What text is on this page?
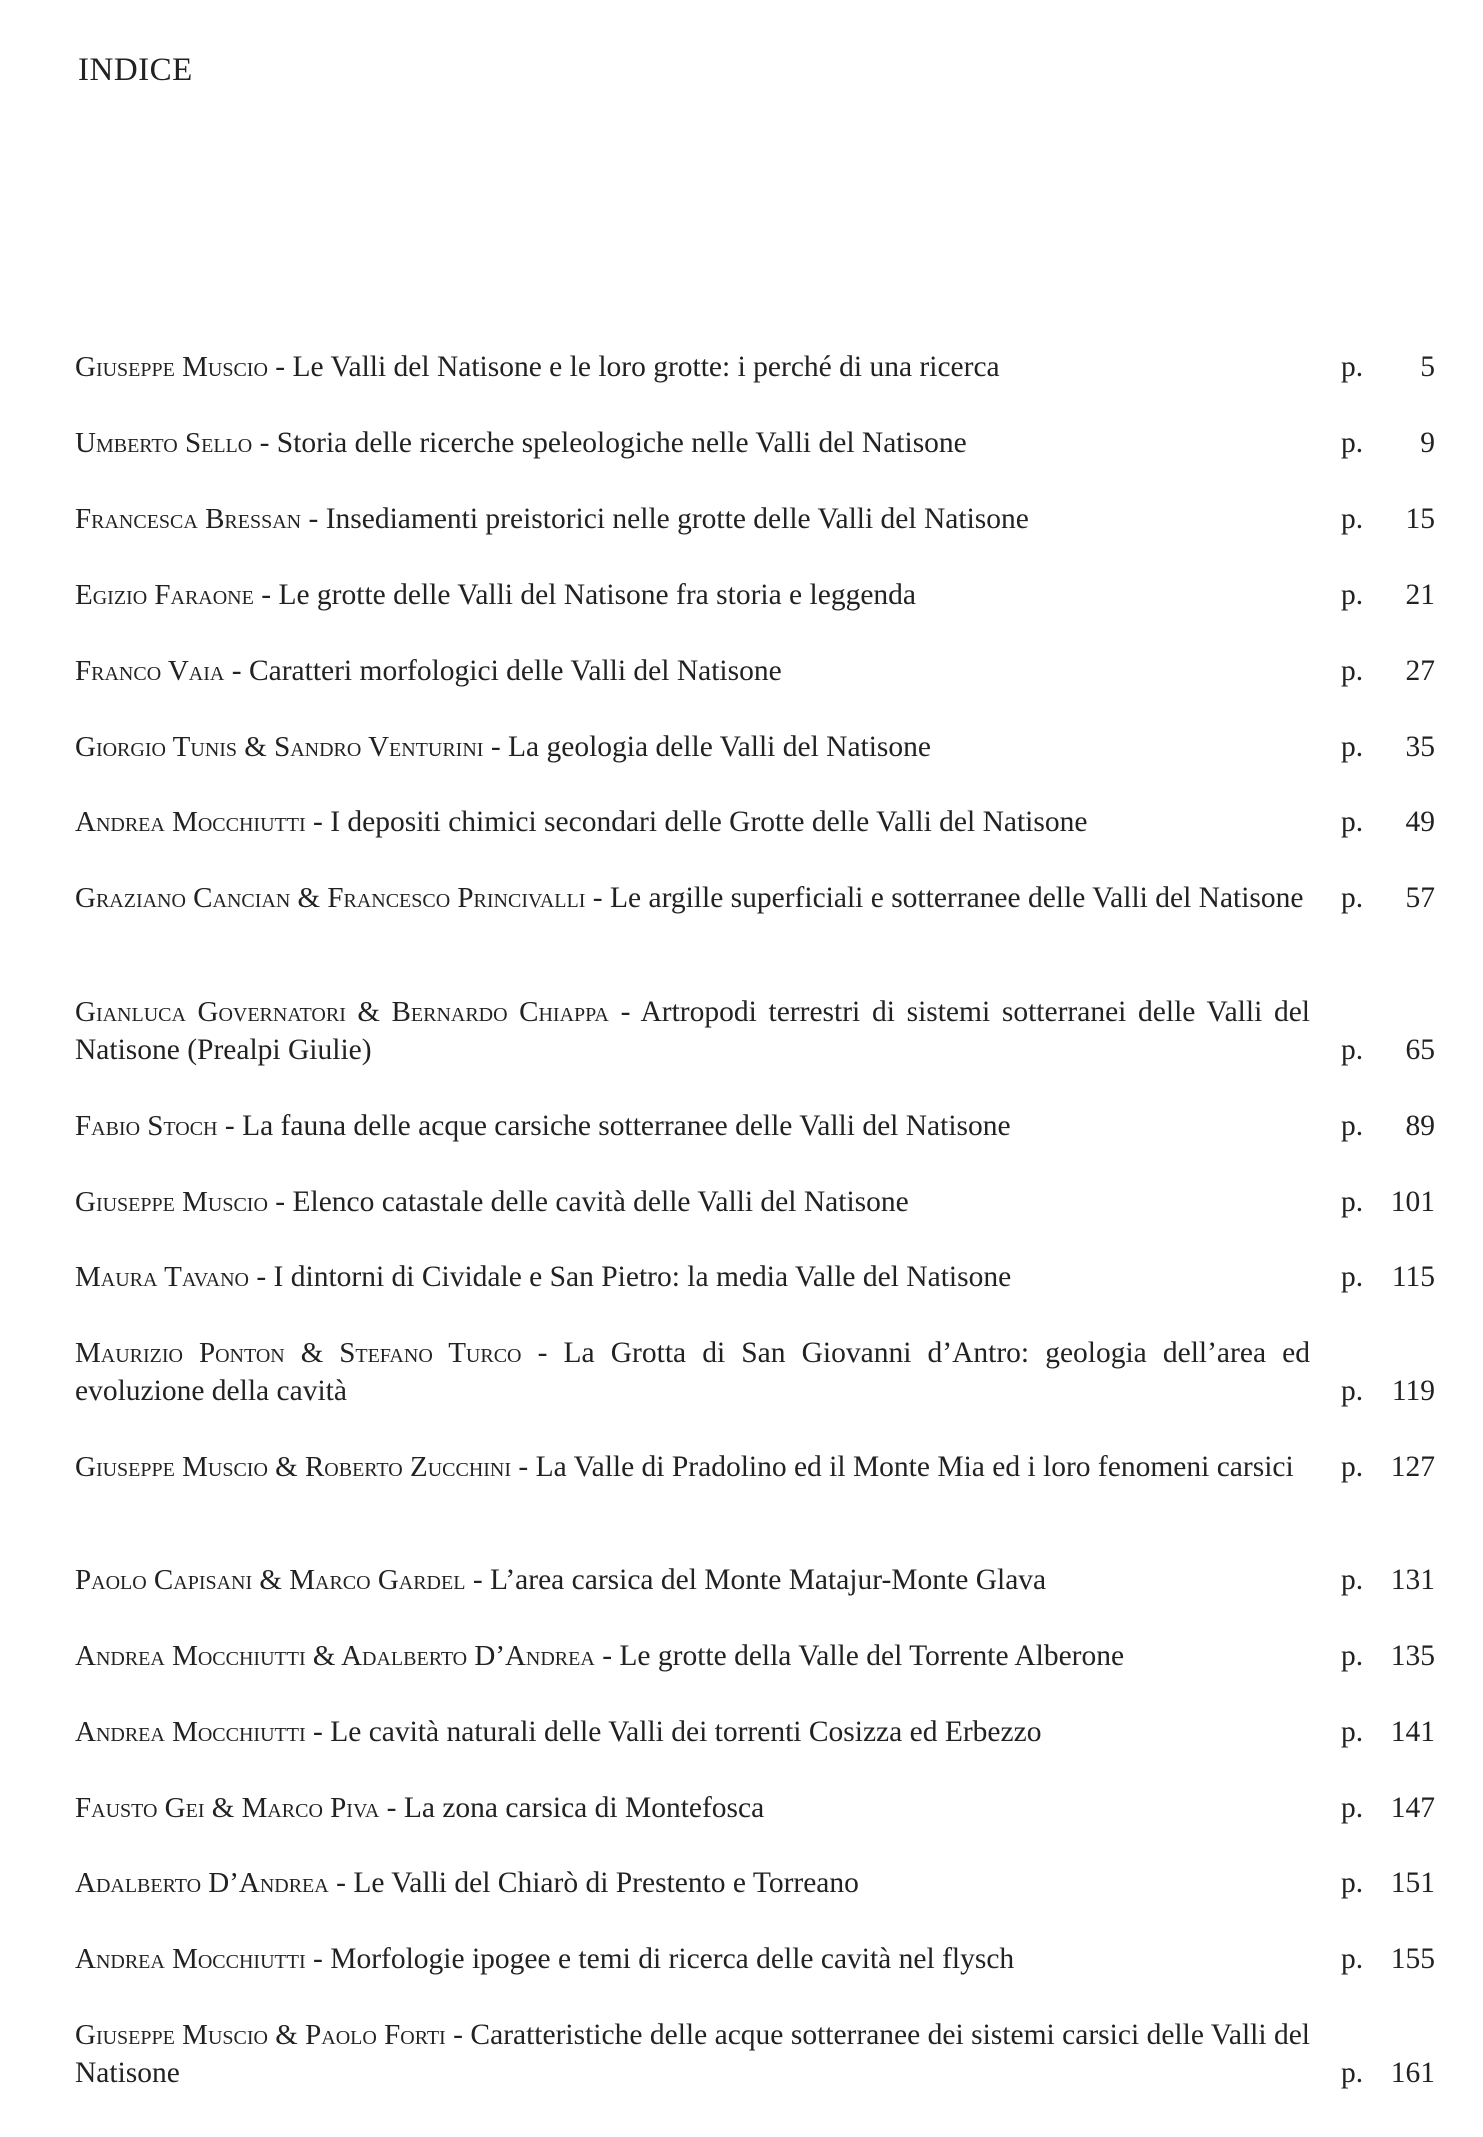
INDICE
Giuseppe Muscio - Le Valli del Natisone e le loro grotte: i perché di una ricerca	p. 5
Umberto Sello - Storia delle ricerche speleologiche nelle Valli del Natisone	p. 9
Francesca Bressan - Insediamenti preistorici nelle grotte delle Valli del Natisone	p. 15
Egizio Faraone - Le grotte delle Valli del Natisone fra storia e leggenda	p. 21
Franco Vaia - Caratteri morfologici delle Valli del Natisone	p. 27
Giorgio Tunis & Sandro Venturini - La geologia delle Valli del Natisone	p. 35
Andrea Mocchiutti - I depositi chimici secondari delle Grotte delle Valli del Natisone	p. 49
Graziano Cancian & Francesco Princivalli - Le argille superficiali e sotterranee delle Valli del Natisone p. 57
Gianluca Governatori & Bernardo Chiappa - Artropodi terrestri di sistemi sotterranei delle Valli del Natisone (Prealpi Giulie)	p. 65
Fabio Stoch - La fauna delle acque carsiche sotterranee delle Valli del Natisone	p. 89
Giuseppe Muscio - Elenco catastale delle cavità delle Valli del Natisone	p. 101
Maura Tavano - I dintorni di Cividale e San Pietro: la media Valle del Natisone	p. 115
Maurizio Ponton & Stefano Turco - La Grotta di San Giovanni d’Antro: geologia dell’area ed evoluzione della cavità	p. 119
Giuseppe Muscio & Roberto Zucchini - La Valle di Pradolino ed il Monte Mia ed i loro fenomeni carsici	p. 127
Paolo Capisani & Marco Gardel - L’area carsica del Monte Matajur-Monte Glava	p. 131
Andrea Mocchiutti & Adalberto D’Andrea - Le grotte della Valle del Torrente Alberone	p. 135
Andrea Mocchiutti - Le cavità naturali delle Valli dei torrenti Cosizza ed Erbezzo	p. 141
Fausto Gei & Marco Piva - La zona carsica di Montefosca	p. 147
Adalberto D’Andrea - Le Valli del Chiarò di Prestento e Torreano	p. 151
Andrea Mocchiutti - Morfologie ipogee e temi di ricerca delle cavità nel flysch	p. 155
Giuseppe Muscio & Paolo Forti - Caratteristiche delle acque sotterranee dei sistemi carsici delle Valli del Natisone	p. 161
